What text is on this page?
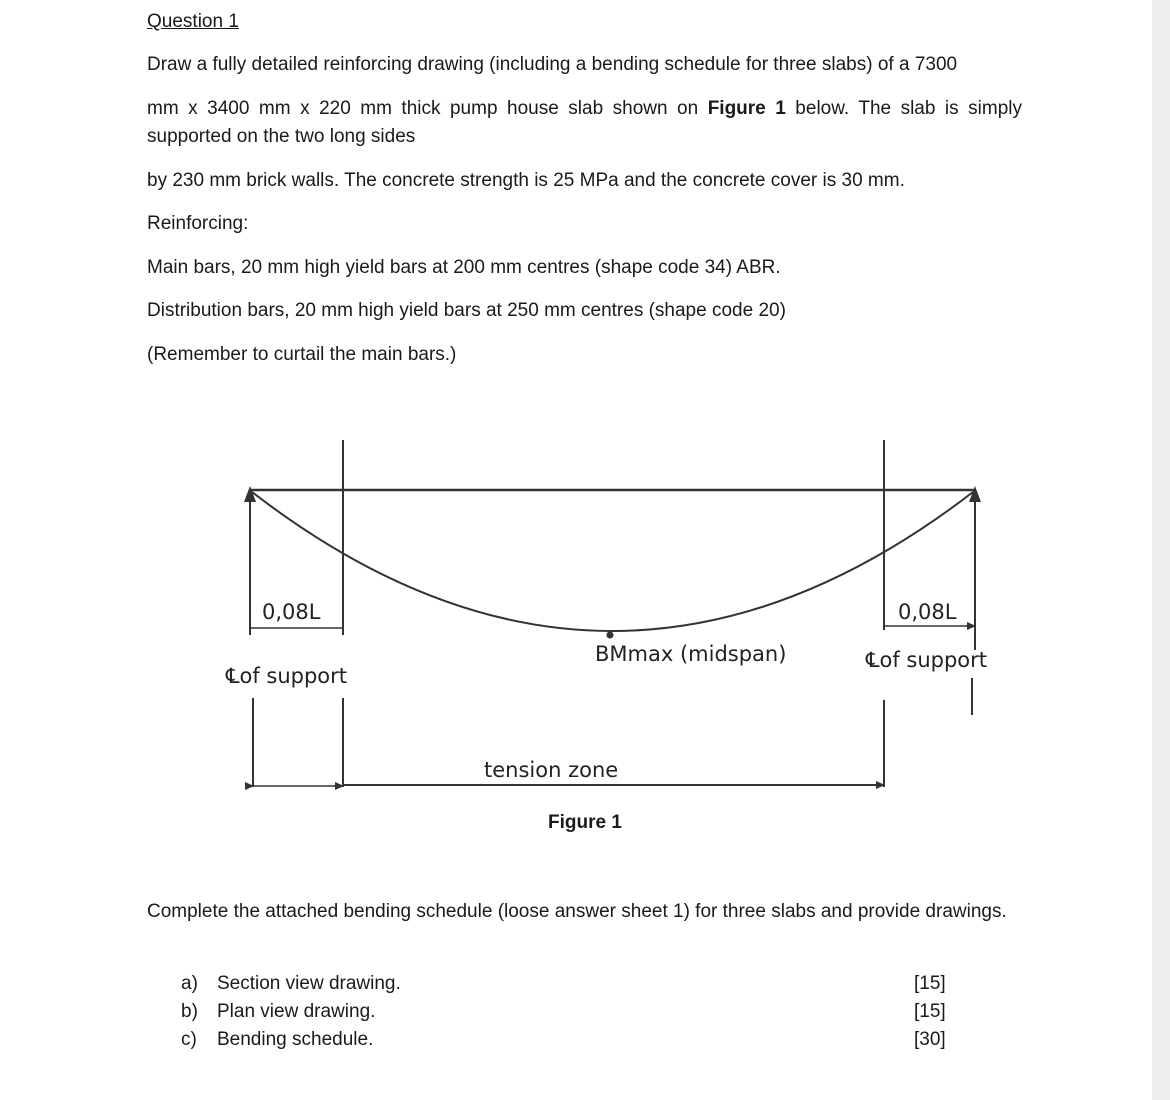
Question 1
Draw a fully detailed reinforcing drawing (including a bending schedule for three slabs) of a 7300
mm x 3400 mm x 220 mm thick pump house slab shown on Figure 1 below. The slab is simply
supported on the two long sides
by 230 mm brick walls. The concrete strength is 25 MPa and the concrete cover is 30 mm.
Reinforcing:
Main bars, 20 mm high yield bars at 200 mm centres (shape code 34) ABR.
Distribution bars, 20 mm high yield bars at 250 mm centres (shape code 20)
(Remember to curtail the main bars.)
0,08L	0,08L
BMmax (midspan)
℄of support
℄of support
tension zone
Figure 1
Complete the attached bending schedule (loose answer sheet 1) for three slabs and provide drawings.
a) Section view drawing.	[15]
b) Plan view drawing.	[15]
c) Bending schedule.	[30]
